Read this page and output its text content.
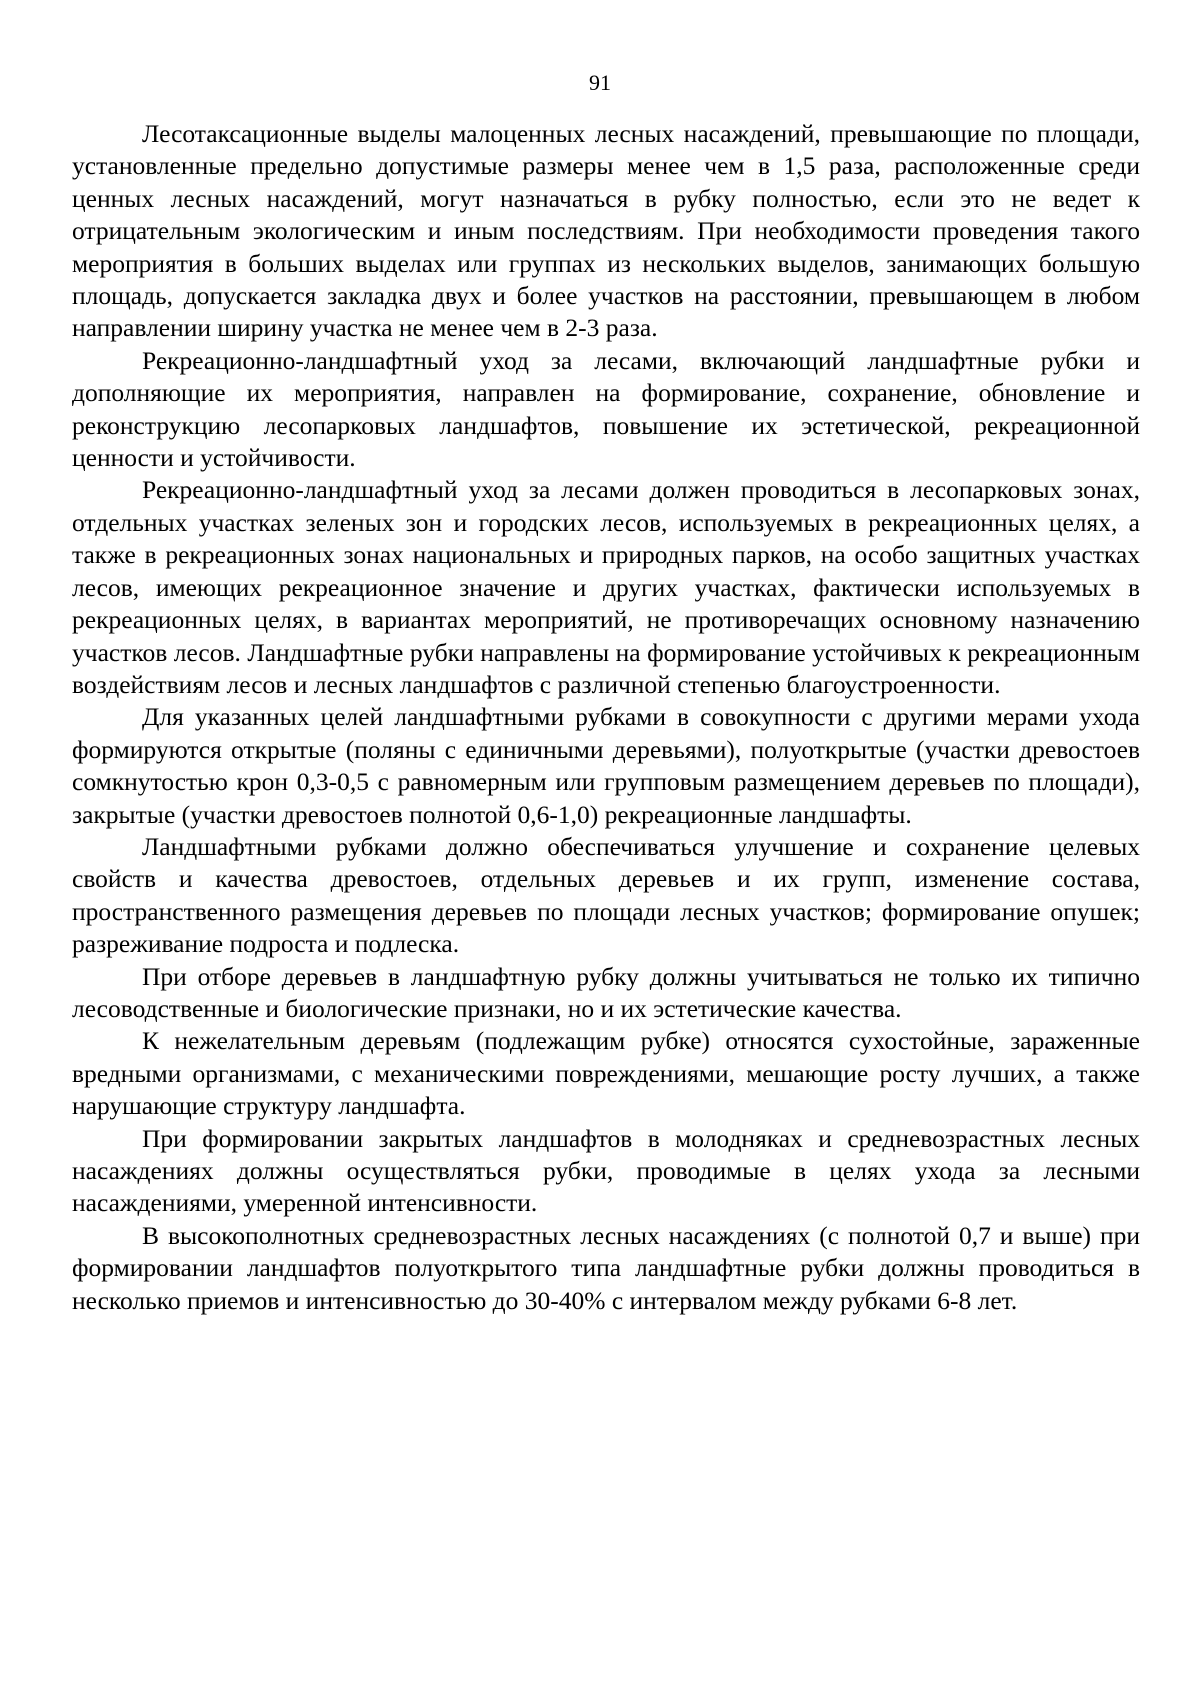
91

Лесотаксационные выделы малоценных лесных насаждений, превышающие по площади, установленные предельно допустимые размеры менее чем в 1,5 раза, расположенные среди ценных лесных насаждений, могут назначаться в рубку полностью, если это не ведет к отрицательным экологическим и иным последствиям. При необходимости проведения такого мероприятия в больших выделах или группах из нескольких выделов, занимающих большую площадь, допускается закладка двух и более участков на расстоянии, превышающем в любом направлении ширину участка не менее чем в 2-3 раза.

Рекреационно-ландшафтный уход за лесами, включающий ландшафтные рубки и дополняющие их мероприятия, направлен на формирование, сохранение, обновление и реконструкцию лесопарковых ландшафтов, повышение их эстетической, рекреационной ценности и устойчивости.

Рекреационно-ландшафтный уход за лесами должен проводиться в лесопарковых зонах, отдельных участках зеленых зон и городских лесов, используемых в рекреационных целях, а также в рекреационных зонах национальных и природных парков, на особо защитных участках лесов, имеющих рекреационное значение и других участках, фактически используемых в рекреационных целях, в вариантах мероприятий, не противоречащих основному назначению участков лесов. Ландшафтные рубки направлены на формирование устойчивых к рекреационным воздействиям лесов и лесных ландшафтов с различной степенью благоустроенности.

Для указанных целей ландшафтными рубками в совокупности с другими мерами ухода формируются открытые (поляны с единичными деревьями), полуоткрытые (участки древостоев сомкнутостью крон 0,3-0,5 с равномерным или групповым размещением деревьев по площади), закрытые (участки древостоев полнотой 0,6-1,0) рекреационные ландшафты.

Ландшафтными рубками должно обеспечиваться улучшение и сохранение целевых свойств и качества древостоев, отдельных деревьев и их групп, изменение состава, пространственного размещения деревьев по площади лесных участков; формирование опушек; разреживание подроста и подлеска.

При отборе деревьев в ландшафтную рубку должны учитываться не только их типично лесоводственные и биологические признаки, но и их эстетические качества.

К нежелательным деревьям (подлежащим рубке) относятся сухостойные, зараженные вредными организмами, с механическими повреждениями, мешающие росту лучших, а также нарушающие структуру ландшафта.

При формировании закрытых ландшафтов в молодняках и средневозрастных лесных насаждениях должны осуществляться рубки, проводимые в целях ухода за лесными насаждениями, умеренной интенсивности.

В высокополнотных средневозрастных лесных насаждениях (с полнотой 0,7 и выше) при формировании ландшафтов полуоткрытого типа ландшафтные рубки должны проводиться в несколько приемов и интенсивностью до 30-40% с интервалом между рубками 6-8 лет.
